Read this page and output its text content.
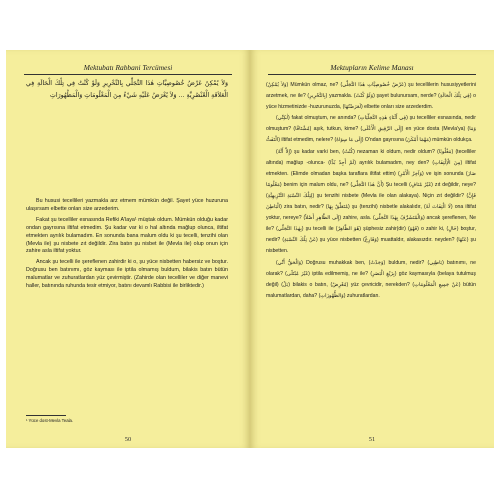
Mektubatı Rabbani Tercümesi

وَلاَ يُمْكِنُ عَرْضُ خُصُوصِيَّاتِ هٰذَا التَّجَلِّي بِالتَّحْرِيرِ وَلَوْ كُنْتُ فِي تِلْكَ الْحَالَةِ فِي الْعَلاَقَةِ الْعُنْصُرِيَّةِ ... وَلاَ يُعْرَضُ عَلَيْهِ شَيْءٌ مِنَ الْمَعْلُومَاتِ وَالْمَظْهُورَاتِ

Bu hususi tecellileri yazmakla arz etmem mümkün değil. Şayet yüce huzuruna ulaşırsam elbette onları size arzederim.

Fakat şu tecelliler esnasında Refiki A'laya¹ müştak oldum. Mümkün olduğu kadar ondan gayrısına iltifat etmedim. Şu kadar var ki o hal altında mağlup olunca, iltifat etmekten ayrılık bulamadım. En sonunda bana malum oldu ki şu tecelli, tenzihi olan (Mevla ile) şu nisbete zıt değildir. Zira batın şu nisbet ile (Mevla ile) olup onun için zahire asla iltifat yoktur.

Ancak şu tecelli ile şereflenen zahirdir ki o, şu yüce nisbetten habersiz ve boştur. Doğrusu ben batınımı, göz kayması ile iptila olmamış buldum, bilakis batın bütün malumatlar ve zuhuratlardan yüz çevirmiştir. (Zahirde olan tecelliler ve diğer manevi haller, batınında ruhunda tesir etmiyor, batını devamlı Rabbisi ile birliktedir.)

¹ Yüce dost-Mevla Teala.
50
Mektupların Kelime Manası

(وَلاَ يُمْكِنُ) Mümkün olmaz, ne? (عَرْضُ خُصُوصِيَّاتِ هٰذَا التَّجَلِّي) şu tecellilerin hususiyyetlerini arzetmek, ne ile? (بِالتَّحْرِيرِ) yazmakla. (وَلَوْ كُنْتُ) şayet bulunursam, nerde? (فِي تِلْكَ الْحَالَةِ) o yüce hizmetinizde -huzurunuzda, (لَعَرَضْتُهَا) elbette onları size arzederdim.

(لٰكِنِّي) fakat olmuştum, ne anında? (فِي أَثْنَاءِ هٰذِهِ التَّجَلِّيَاتِ) şu tecelliler esnasında, nedir olmuştum? (مُشْتَاقًا) aşık, tutkun, kime? (إِلَى الرَّفِيقِ الْأَعْلَى) en yüce dosta (Mevla'ya) (وَمَا الْتَفَتُّ) iltifat etmedim, nelere? (إِلَى مَا سِوَاهُ) O'ndan gayrısına (مَهْمَا أَمْكَنَ) mümkün oldukça.

(إِلاَّ أَنَّهُ) şu kadar varki ben, (كُنْتُ) nezaman ki oldum, nedir oldum? (مَغْلُوبًا) (tecelliler altında) mağlup -olunca- (لَمْ أَجِدْ بُدًّا) ayrılık bulamadım, ney den? (مِنَ الْاِلْتِفَاتِ) iltifat etmekten. (Elimde olmadan başka taraflara iltifat ettim) (وَآخِرُ الْأَمْرِ) ve işin sonunda (صَارَ مَعْلُومًا) benim için malum oldu, ne? (أَنَّ هٰذَا التَّجَلِّي) Şu tecelli (غَيْرُ مُنَافٍ) zıt değildir, neye? (لِتِلْكَ النِّسْبَةِ التَّنْزِيهِيَّةِ) şu tenzihi nisbete (Mevla ile olan alakaya). Niçin zıt değildir? (فَإِنَّ الْبَاطِنَ) zira batın, nedir? (مُتَعَلِّقٌ بِهَا) şu (tenzihi) nisbetle alakalıdır, (لَا الْتِفَاتَ لَهُ) ona iltifat yoktur, nereye? (إِلَى الظَّاهِرِ أَصْلاً) zahire, asla. (وَالْمُتَشَرِّفُ بِهٰذَا التَّجَلِّي) ancak şereflenen, Ne ile? (بِهٰذَا التَّجَلِّي) şu tecelli ile (هُوَ الظَّاهِرُ) şüphesiz zahir(dir) (فَهُوَ) o zahir ki, (خَالٍ) boştur, nedir? (عَنْ تِلْكَ النِّسْبَةِ) şu yüce nisbetten (وَفَارِغٌ) muattaldır, alakasızdır. neyden? (عَنْهَا) şu nisbetten.

(وَالْحَقُّ أَنِّي) Doğrusu muhakkak ben, (وَجَدْتُ) buldum, nedir? (بَاطِنِي) batınımı, ne olarak? (غَيْرَ مُبْتَلًى) iptila edilmemiş, ne ile? (بِزَيْغِ الْبَصَرِ) göz kaymasıyla (belaya tutulmuş değil) (بَلْ) bilakis o batın, (مُعْرِضٌ) yüz çevricidir, nerekden? (عَنْ جَمِيعِ الْمَعْلُومَاتِ) bütün malumatlardan, daha? (وَالظُّهُورَاتِ) zuhuratlardan.

51
